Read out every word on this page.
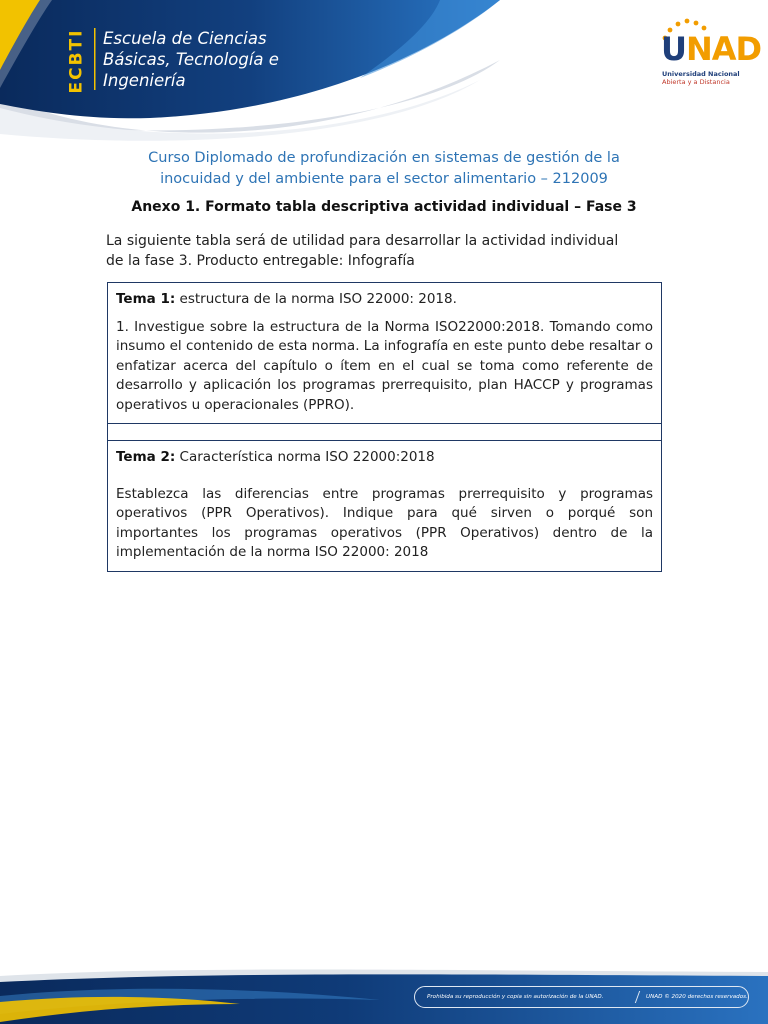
ECBTI Escuela de Ciencias
Básicas, Tecnología e
Ingeniería
UNAD
Universidad Nacional
Abierta y a Distancia
Curso Diplomado de profundización en sistemas de gestión de la
inocuidad y del ambiente para el sector alimentario – 212009
Anexo 1. Formato tabla descriptiva actividad individual – Fase 3
La siguiente tabla será de utilidad para desarrollar la actividad individual
de la fase 3. Producto entregable: Infografía

Tema 1: estructura de la norma ISO 22000: 2018.

1. Investigue sobre la estructura de la Norma ISO22000:2018. Tomando como insumo el contenido de esta norma. La infografía en este punto debe resaltar o enfatizar acerca del capítulo o ítem en el cual se toma como referente de desarrollo y aplicación los programas prerrequisito, plan HACCP y programas operativos u operacionales (PPRO).

Tema 2: Característica norma ISO 22000:2018

Establezca las diferencias entre programas prerrequisito y programas operativos (PPR Operativos). Indique para qué sirven o porqué son importantes los programas operativos (PPR Operativos) dentro de la implementación de la norma ISO 22000: 2018

Prohibida su reproducción y copia sin autorización de la UNAD.	UNAD © 2020 derechos reservados.
